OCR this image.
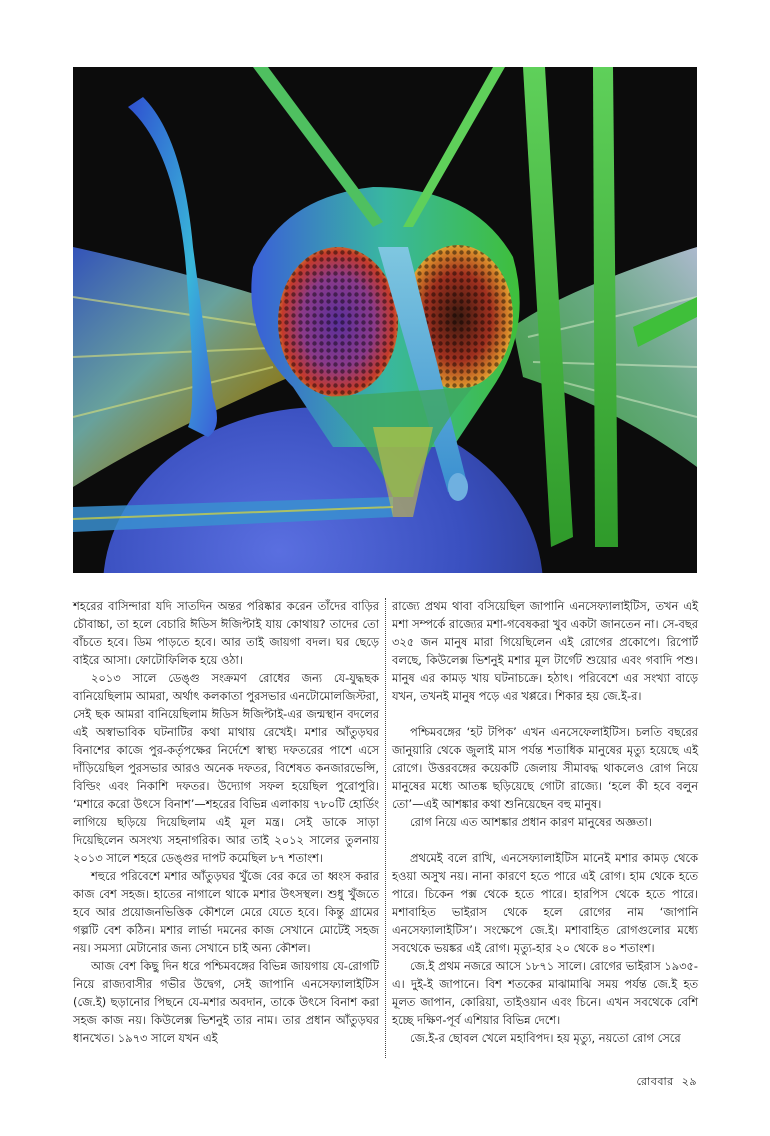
শহরের বাসিন্দারা যদি সাতদিন অন্তর পরিষ্কার করেন তাঁদের বাড়ির চৌবাচ্চা, তা হলে বেচারি ঈডিস ঈজিপ্টাই যায় কোথায়? তাদের তো বাঁচতে হবে। ডিম পাড়তে হবে। আর তাই জায়গা বদল। ঘর ছেড়ে বাইরে আসা। ফোটোফিলিক হয়ে ওঠা।

২০১৩ সালে ডেঙ্গু সংক্রমণ রোধের জন্য যে-যুদ্ধছক বানিয়েছিলাম আমরা, অর্থাৎ কলকাতা পুরসভার এনটোমোলজিস্টরা, সেই ছক আমরা বানিয়েছিলাম ঈডিস ঈজিপ্টাই-এর জন্মস্থান বদলের এই অস্বাভাবিক ঘটনাটির কথা মাথায় রেখেই। মশার আঁতুড়ঘর বিনাশের কাজে পুর-কর্তৃপক্ষের নির্দেশে স্বাস্থ্য দফতরের পাশে এসে দাঁড়িয়েছিল পুরসভার আরও অনেক দফতর, বিশেষত কনজারভেন্সি, বিল্ডিং এবং নিকাশি দফতর। উদ্যোগ সফল হয়েছিল পুরোপুরি। ‘মশারে করো উৎসে বিনাশ’—শহরের বিভিন্ন এলাকায় ৭৮০টি হোর্ডিং লাগিয়ে ছড়িয়ে দিয়েছিলাম এই মূল মন্ত্র। সেই ডাকে সাড়া দিয়েছিলেন অসংখ্য সহনাগরিক। আর তাই ২০১২ সালের তুলনায় ২০১৩ সালে শহরে ডেঙ্গুর দাপট কমেছিল ৮৭ শতাংশ।

শহুরে পরিবেশে মশার আঁতুড়ঘর খুঁজে বের করে তা ধ্বংস করার কাজ বেশ সহজ। হাতের নাগালে থাকে মশার উৎসস্থল। শুধু খুঁজতে হবে আর প্রয়োজনভিত্তিক কৌশলে মেরে যেতে হবে। কিন্তু গ্রামের গল্পটি বেশ কঠিন। মশার লার্ভা দমনের কাজ সেখানে মোটেই সহজ নয়। সমস্যা মেটানোর জন্য সেখানে চাই অন্য কৌশল।

আজ বেশ কিছু দিন ধরে পশ্চিমবঙ্গের বিভিন্ন জায়গায় যে-রোগটি নিয়ে রাজ্যবাসীর গভীর উদ্বেগ, সেই জাপানি এনসেফ্যালাইটিস (জে.ই) ছড়ানোর পিছনে যে-মশার অবদান, তাকে উৎসে বিনাশ করা সহজ কাজ নয়। কিউলেক্স ভিশনুই তার নাম। তার প্রধান আঁতুড়ঘর ধানখেত। ১৯৭৩ সালে যখন এই

রাজ্যে প্রথম থাবা বসিয়েছিল জাপানি এনসেফ্যালাইটিস, তখন এই মশা সম্পর্কে রাজ্যের মশা-গবেষকরা খুব একটা জানতেন না। সে-বছর ৩২৫ জন মানুষ মারা গিয়েছিলেন এই রোগের প্রকোপে। রিপোর্ট বলছে, কিউলেক্স ভিশনুই মশার মূল টার্গেট শুয়োর এবং গবাদি পশু। মানুষ এর কামড় খায় ঘটনাচক্রে। হঠাৎ। পরিবেশে এর সংখ্যা বাড়ে যখন, তখনই মানুষ পড়ে এর খপ্পরে। শিকার হয় জে.ই-র।

পশ্চিমবঙ্গের ‘হট টপিক’ এখন এনসেফেলাইটিস। চলতি বছরের জানুয়ারি থেকে জুলাই মাস পর্যন্ত শতাধিক মানুষের মৃত্যু হয়েছে এই রোগে। উত্তরবঙ্গের কয়েকটি জেলায় সীমাবদ্ধ থাকলেও রোগ নিয়ে মানুষের মধ্যে আতঙ্ক ছড়িয়েছে গোটা রাজ্যে। ‘হলে কী হবে বলুন তো’—এই আশঙ্কার কথা শুনিয়েছেন বহু মানুষ।

রোগ নিয়ে এত আশঙ্কার প্রধান কারণ মানুষের অজ্ঞতা।

প্রথমেই বলে রাখি, এনসেফ্যালাইটিস মানেই মশার কামড় থেকে হওয়া অসুখ নয়। নানা কারণে হতে পারে এই রোগ। হাম থেকে হতে পারে। চিকেন পক্স থেকে হতে পারে। হারপিস থেকে হতে পারে। মশাবাহিত ভাইরাস থেকে হলে রোগের নাম ‘জাপানি এনসেফ্যালাইটিস’। সংক্ষেপে জে.ই। মশাবাহিত রোগগুলোর মধ্যে সবথেকে ভয়ঙ্কর এই রোগ। মৃত্যু-হার ২০ থেকে ৪০ শতাংশ।

জে.ই প্রথম নজরে আসে ১৮৭১ সালে। রোগের ভাইরাস ১৯৩৫-এ। দুই-ই জাপানে। বিশ শতকের মাঝামাঝি সময় পর্যন্ত জে.ই হত মূলত জাপান, কোরিয়া, তাইওয়ান এবং চিনে। এখন সবথেকে বেশি হচ্ছে দক্ষিণ-পূর্ব এশিয়ার বিভিন্ন দেশে।

জে.ই-র ছোবল খেলে মহাবিপদ। হয় মৃত্যু, নয়তো রোগ সেরে

রোববার ২৯
